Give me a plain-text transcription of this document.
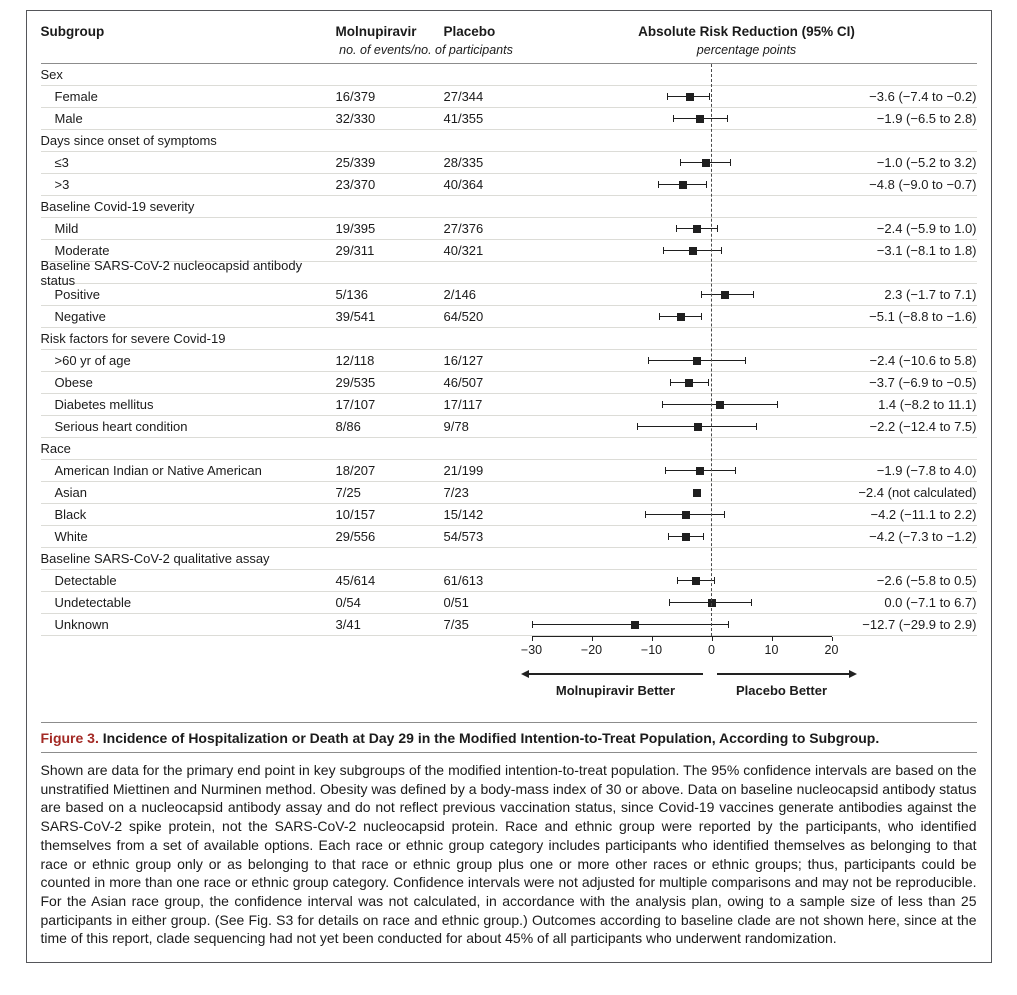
Subgroup	Molnupiravir	Placebo	Absolute Risk Reduction (95% CI)
no. of events/no. of participants	percentage points
Sex
Female	16/379	27/344	−3.6 (−7.4 to −0.2)
Male	32/330	41/355	−1.9 (−6.5 to 2.8)
Days since onset of symptoms
≤3	25/339	28/335	−1.0 (−5.2 to 3.2)
>3	23/370	40/364	−4.8 (−9.0 to −0.7)
Baseline Covid-19 severity
Mild	19/395	27/376	−2.4 (−5.9 to 1.0)
Moderate	29/311	40/321	−3.1 (−8.1 to 1.8)
Baseline SARS-CoV-2 nucleocapsid antibody status
Positive	5/136	2/146	2.3 (−1.7 to 7.1)
Negative	39/541	64/520	−5.1 (−8.8 to −1.6)
Risk factors for severe Covid-19
>60 yr of age	12/118	16/127	−2.4 (−10.6 to 5.8)
Obese	29/535	46/507	−3.7 (−6.9 to −0.5)
Diabetes mellitus	17/107	17/117	1.4 (−8.2 to 11.1)
Serious heart condition	8/86	9/78	−2.2 (−12.4 to 7.5)
Race
American Indian or Native American	18/207	21/199	−1.9 (−7.8 to 4.0)
Asian	7/25	7/23	−2.4 (not calculated)
Black	10/157	15/142	−4.2 (−11.1 to 2.2)
White	29/556	54/573	−4.2 (−7.3 to −1.2)
Baseline SARS-CoV-2 qualitative assay
Detectable	45/614	61/613	−2.6 (−5.8 to 0.5)
Undetectable	0/54	0/51	0.0 (−7.1 to 6.7)
Unknown	3/41	7/35	−12.7 (−29.9 to 2.9)
−30	−20	−10	0	10	20
Molnupiravir Better	Placebo Better

Figure 3. Incidence of Hospitalization or Death at Day 29 in the Modified Intention-to-Treat Population, According to Subgroup.

Shown are data for the primary end point in key subgroups of the modified intention-to-treat population. The 95% confidence intervals are based on the unstratified Miettinen and Nurminen method. Obesity was defined by a body-mass index of 30 or above. Data on baseline nucleocapsid antibody status are based on a nucleocapsid antibody assay and do not reflect previous vaccination status, since Covid-19 vaccines generate antibodies against the SARS-CoV-2 spike protein, not the SARS-CoV-2 nucleocapsid protein. Race and ethnic group were reported by the participants, who identified themselves from a set of available options. Each race or ethnic group category includes participants who identified themselves as belonging to that race or ethnic group only or as belonging to that race or ethnic group plus one or more other races or ethnic groups; thus, participants could be counted in more than one race or ethnic group category. Confidence intervals were not adjusted for multiple comparisons and may not be reproducible. For the Asian race group, the confidence interval was not calculated, in accordance with the analysis plan, owing to a sample size of less than 25 participants in either group. (See Fig. S3 for details on race and ethnic group.) Outcomes according to baseline clade are not shown here, since at the time of this report, clade sequencing had not yet been conducted for about 45% of all participants who underwent randomization.
